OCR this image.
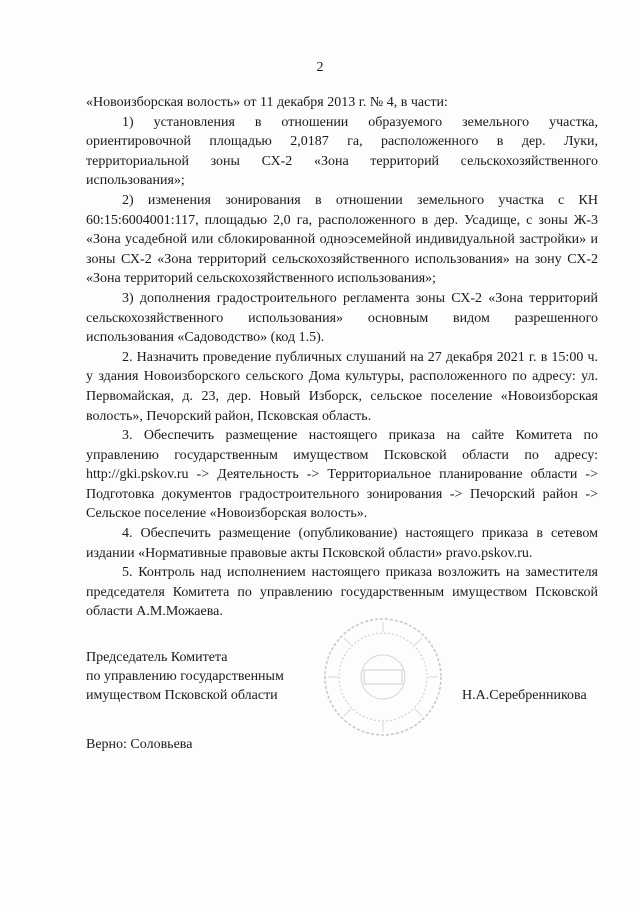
2

«Новоизборская волость» от 11 декабря 2013 г. № 4, в части:

1) установления в отношении образуемого земельного участка, ориентировочной площадью 2,0187 га, расположенного в дер. Луки, территориальной зоны СХ-2 «Зона территорий сельскохозяйственного использования»;

2) изменения зонирования в отношении земельного участка с КН 60:15:6004001:117, площадью 2,0 га, расположенного в дер. Усадище, с зоны Ж-3 «Зона усадебной или сблокированной одноэсемейной индивидуальной застройки» и зоны СХ-2 «Зона территорий сельскохозяйственного использования» на зону СХ-2 «Зона территорий сельскохозяйственного использования»;

3) дополнения градостроительного регламента зоны СХ-2 «Зона территорий сельскохозяйственного использования» основным видом разрешенного использования «Садоводство» (код 1.5).

2. Назначить проведение публичных слушаний на 27 декабря 2021 г. в 15:00 ч. у здания Новоизборского сельского Дома культуры, расположенного по адресу: ул. Первомайская, д. 23, дер. Новый Изборск, сельское поселение «Новоизборская волость», Печорский район, Псковская область.

3. Обеспечить размещение настоящего приказа на сайте Комитета по управлению государственным имуществом Псковской области по адресу: http://gki.pskov.ru -> Деятельность -> Территориальное планирование области -> Подготовка документов градостроительного зонирования -> Печорский район -> Сельское поселение «Новоизборская волость».

4. Обеспечить размещение (опубликование) настоящего приказа в сетевом издании «Нормативные правовые акты Псковской области» pravo.pskov.ru.

5. Контроль над исполнением настоящего приказа возложить на заместителя председателя Комитета по управлению государственным имуществом Псковской области А.М.Можаева.

Председатель Комитета
по управлению государственным
имуществом Псковской области	Н.А.Серебренникова
Верно: Соловьева
